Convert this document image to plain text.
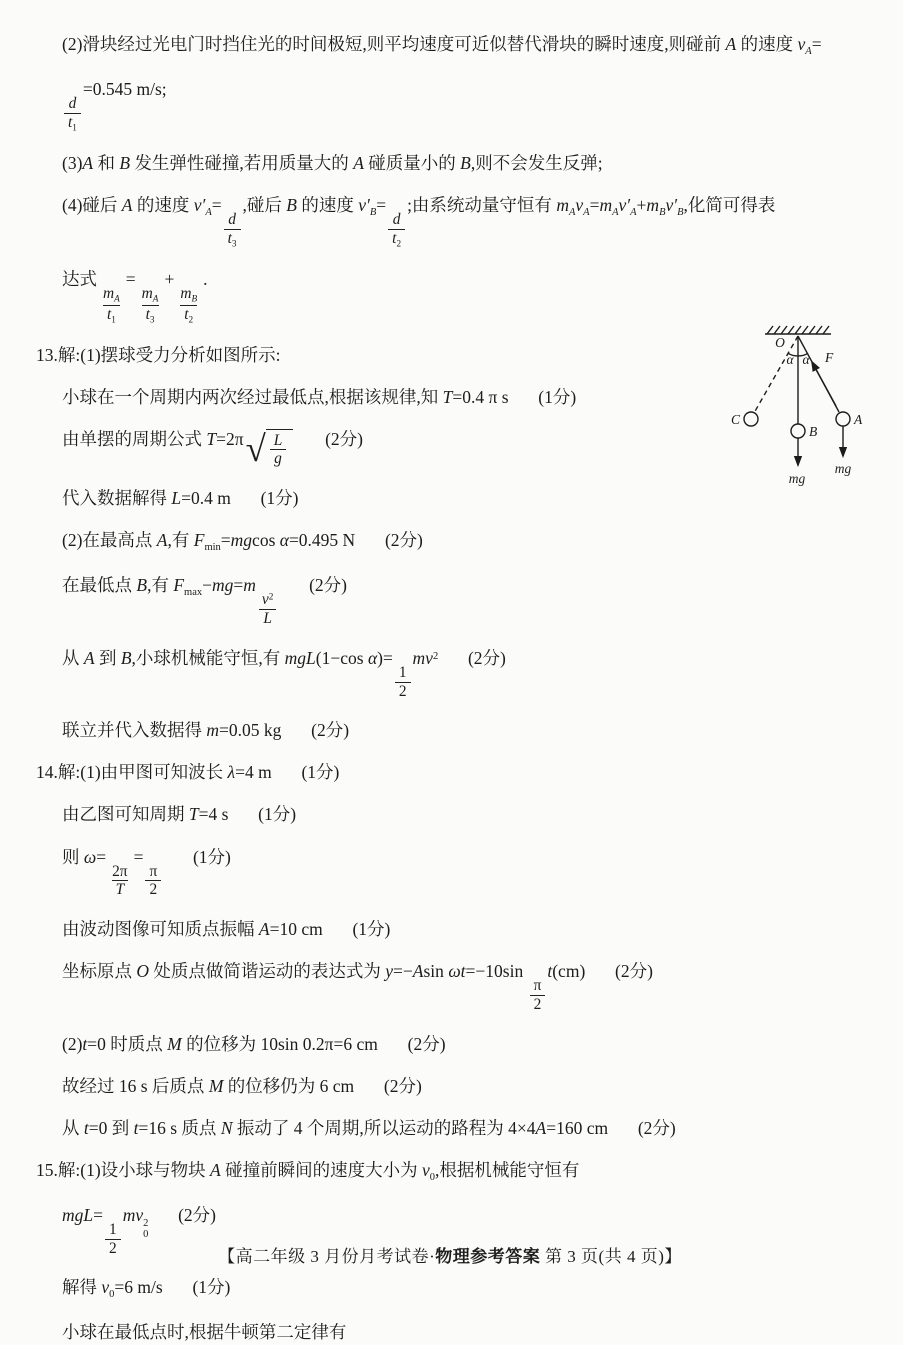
(2)滑块经过光电门时挡住光的时间极短,则平均速度可近似替代滑块的瞬时速度,则碰前 A 的速度 $v_A=$
$\frac{d}{t_1}$
=0.545 m/s;
(3)A 和 B 发生弹性碰撞,若用质量大的 A 碰质量小的 B,则不会发生反弹;
(4)碰后 A 的速度 $v'_A=$
$\frac{d}{t_3}$
,碰后 B 的速度 $v'_B=$
$\frac{d}{t_2}$
;由系统动量守恒有 $m_Av_A=m_Av'_A+m_Bv'_B$,化简可得表
达式
$\frac{m_A}{t_1}$
=
$\frac{m_A}{t_3}$
+
$\frac{m_B}{t_2}$
.
13.解:(1)摆球受力分析如图所示:
小球在一个周期内两次经过最低点,根据该规律,知 T=0.4 π s (1分)
由单摆的周期公式 T=2π √ $\frac{L}{g} (2$分)
代入数据解得 L=0.4 m (1分)
(2)在最高点 A,有 $F_{min}=mgcos$ α=0.495 N (2分)
在最低点 B,有 $F_{max}-mg=m$
$\frac{v^2}{L}$
(2分)
从 A 到 B,小球机械能守恒,有 mgL(1−cos α)=
$\frac{1}{2}$
$mv^2$ (2分)
联立并代入数据得 m=0.05 kg (2分)
14.解:(1)由甲图可知波长 λ=4 m (1分)
由乙图可知周期 T=4 s (1分)
则 ω=
$\frac{2\pi}{T}$
=
$\frac{\pi}{2}$
(1分)
由波动图像可知质点振幅 A=10 cm (1分)
坐标原点 O 处质点做简谐运动的表达式为 y=−Asin ωt=−10sin
$\frac{\pi}{2}$
t(cm) (2分)
(2)t=0 时质点 M 的位移为 10sin 0.2π=6 cm (2分)
故经过 16 s 后质点 M 的位移仍为 6 cm (2分)
从 t=0 到 t=16 s 质点 N 振动了 4 个周期,所以运动的路程为 4×4A=160 cm (2分)
15.解:(1)设小球与物块 A 碰撞前瞬间的速度大小为 $v_0$,根据机械能守恒有
mgL=
$\frac{1}{2}$
mv 2
0
(2分)
解得 $v_0=6$ m/s (1分)
小球在最低点时,根据牛顿第二定律有
O
α α F
C
B
A
mg
mg
【高二年级 3 月份月考试卷·物理参考答案 第 3 页(共 4 页)】
